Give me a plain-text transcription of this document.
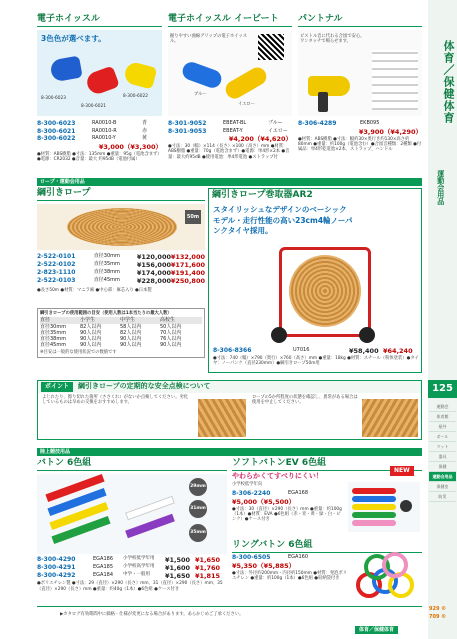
体育／保健体育
運動会用品
125
運動会
体育館
屋外
ボール
マット
器具
保健
運動会用品
保健室
防災
929 ©
709 ©
電子ホイッスル
3色色が選べます。
8-300-6023
8-300-6021
8-300-6022
8-300-6023	RA0010-B	青
8-300-6021	RA0010-R	赤
8-300-6022	RA0010-Y	黄
¥3,000（¥3,300）
●材質：ABS樹脂 ●寸法：135mm ●重量：95g（電池含まず）●電源：CR2032 ●音量：最大 約95dB（電池付属）
電子ホイッスル イービート
握りやすい曲線グリップの電子ホイッスル。
ブルー
イエロー
8-301-9052	EBEAT-BL	ブルー
8-301-9053	EBEAT-Y	イエロー
¥4,200（¥4,620）
●寸法：30（幅）×114（長さ）×100（高さ）mm ●材質：ABS樹脂 ●重量：70g（電池含まず）●電源：単4形×2本 ●音量：最大約95dB ●使用電池：単4形電池 ●ストラップ付
パントナル
ピストル音に代わる合図で安心。ワンタッチで鳴らせます。
8-306-4289	EKB095
¥3,900（¥4,290）
●材質：ABS樹脂 ●寸法：幅約30×奥行き約130×高さ約80mm ●重量：約100g（電池含む）●合図音種類：2種類 ●付属品：単4形乾電池×2本、ストラップ、ハンドル
ロープ・運動会用品
綱引きロープ
50m
2-522-0101	直径30mm	¥120,000 ¥132,000
2-522-0102	直径35mm	¥156,000 ¥171,600
2-823-1110	直径38mm	¥174,000 ¥191,400
2-522-0103	直径45mm	¥228,000 ¥250,800
●長さ50m ●材質：マニラ麻 ●中心部：麻芯入り ●日本製
綱引きロープの使用範囲の目安（使用人数は1本当たりの最大人数）
直径	小学生	中学生	高校生
直径30mm	82人以内	58人以内	50人以内
直径35mm	90人以内	82人以内	70人以内
直径38mm	90人以内	90人以内	76人以内
直径45mm	90人以内	90人以内	90人以内
※目安は一般的な使用状況での数値です
綱引きロープ巻取器AR2
スタイリッシュなデザインのベーシックモデル・走行性能の高い23cm4輪ノーパンクタイヤ採用。
8-306-8366	U7016	¥58,400 ¥64,240
●寸法：740（幅）×790（奥行）×760（高さ）mm ●重量：18kg ●材質：スチール（粉体塗装）●タイヤ：ノーパンク（直径230mm）●綱引きロープ50m用
ポイント	綱引きロープの定期的な安全点検について
よじれたり、擦り切れた箇所（ささくれ）がないか点検してください。劣化しているものは早めの交換をおすすめします。
ロープの5か所程度の状態を確認し、異常がある場合は使用を中止してください。
陸上競技用品
バトン 6色組
29mm
31mm
35mm
8-300-4290	EGA186	小学校低学年用	¥1,500 ¥1,650
8-300-4291	EGA185	小学校高学年用	¥1,600 ¥1,760
8-300-4292	EGA184	中学・一般用	¥1,650 ¥1,815
●ポリエチレン製 ●寸法：29（直径）×290（長さ）mm、31（直径）×290（長さ）mm、35（直径）×290（長さ）mm ●重量：約40g（1本）●6色組 ●ケース付き
ソフトバトンEV 6色組
やわらかくてすべりにくい！
小学校低学年向
NEW
8-306-2240	EGA168
¥5,000（¥5,500）
●寸法：30（直径）×290（長さ）mm ●重量：約100g（1本）●材質：EVA ●6色組（赤・青・黄・緑・白・ピンク）●ケース付き
リングバトン 6色組
8-300-6505	EGA160
¥5,350（¥5,885）
●寸法：外径約200mm・内径約150mm ●材質：発泡ポリエチレン ●重量：約100g（1本）●6色組 ●収納袋付き
▶カタログ有効期間中に価格・仕様が変更になる場合があります。あらかじめご了承ください。
体育／保健体育
